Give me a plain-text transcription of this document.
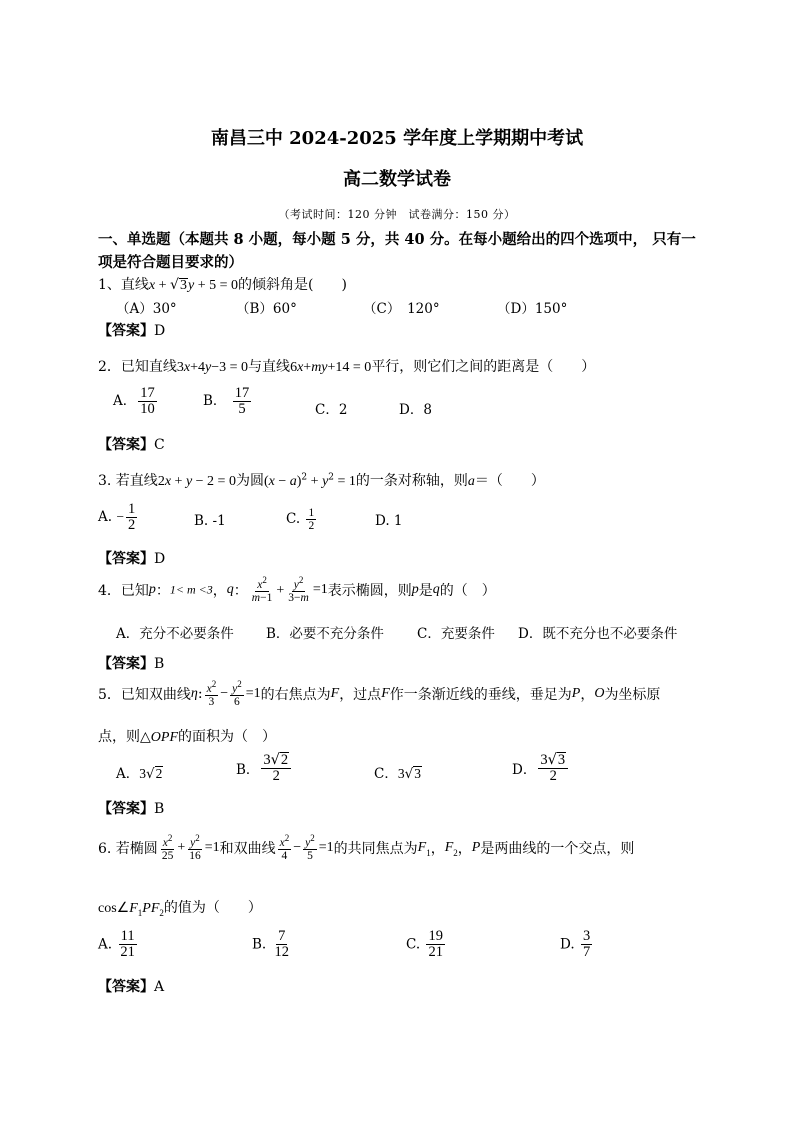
南昌三中 2024-2025 学年度上学期期中考试
高二数学试卷
（考试时间：120 分钟　试卷满分：150 分）
一、单选题（本题共 8 小题，每小题 5 分，共 40 分。在每小题给出的四个选项中， 只有一
项是符合题目要求的）
1、直线x + √3y + 5 = 0的倾斜角是(　　)
（A）30°	（B）60°	（C）　120°	（D）150°
【答案】D
2．已知直线3x+4y−3 = 0与直线6x+my+14 = 0平行，则它们之间的距离是（　　）
A． $\frac{17}{10}$	B． $\frac{17}{5}$	C．2	D．8
【答案】C
3. 若直线2x + y − 2 = 0为圆$(x - a)^2 + y^2 = 1$的一条对称轴，则a＝（　　）
A. − $\frac{1}{2}$	B. -1	C. $\frac{1}{2}$	D. 1
【答案】D
4．已知p：1< m <3，q： $\frac{x^2}{m-1} + \frac{y^2}{3-m} =1$表示椭圆，则p是q的（　）
A．充分不必要条件 B．必要不充分条件 C．充要条件 D．既不充分也不必要条件
【答案】B
5．已知双曲线η: $\frac{x^2}{3} - \frac{y^2}{6} =1$的右焦点为F，过点F作一条渐近线的垂线，垂足为P，O为坐标原
点，则△OPF的面积为（　）
A．3√2	B． $\frac{3√2}{2}$	C．3√3	D． $\frac{3√3}{2}$
【答案】B
6. 若椭圆 $\frac{x^2}{25} + \frac{y^2}{16} =1$和双曲线 $\frac{x^2}{4} - \frac{y^2}{5} =1$的共同焦点为$F_1$，$F_2$，P是两曲线的一个交点，则
$\cos\angle F_1PF_2$的值为（　　）
A. $\frac{11}{21}$	B. $\frac{7}{12}$	C. $\frac{19}{21}$	D. $\frac{3}{7}$
【答案】A
